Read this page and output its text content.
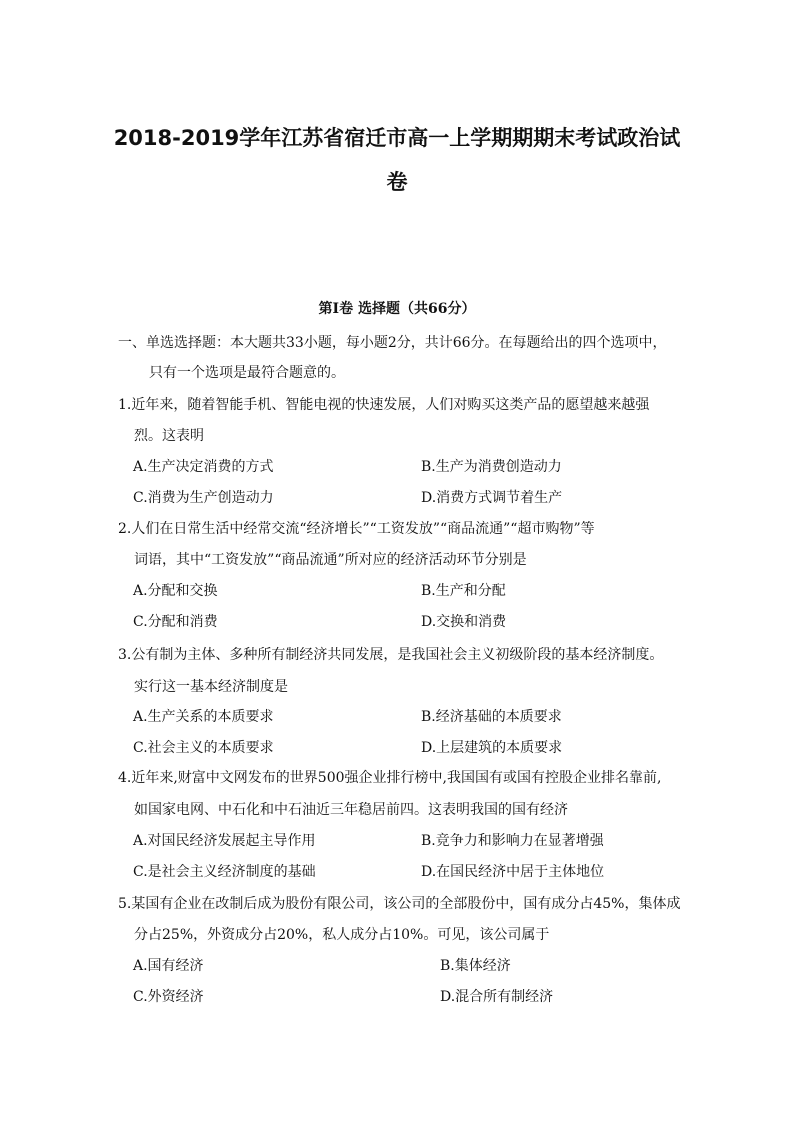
2018-2019学年江苏省宿迁市高一上学期期期末考试政治试
卷
第Ⅰ卷 选择题（共66分）
一、单选选择题：本大题共33小题，每小题2分，共计66分。在每题给出的四个选项中，
只有一个选项是最符合题意的。
1.近年来，随着智能手机、智能电视的快速发展，人们对购买这类产品的愿望越来越强
烈。这表明
A.生产决定消费的方式	B.生产为消费创造动力
C.消费为生产创造动力	D.消费方式调节着生产
2.人们在日常生活中经常交流“经济增长”“工资发放”“商品流通”“超市购物”等
词语，其中“工资发放”“商品流通”所对应的经济活动环节分别是
A.分配和交换	B.生产和分配
C.分配和消费	D.交换和消费
3.公有制为主体、多种所有制经济共同发展，是我国社会主义初级阶段的基本经济制度。
实行这一基本经济制度是
A.生产关系的本质要求	B.经济基础的本质要求
C.社会主义的本质要求	D.上层建筑的本质要求
4.近年来,财富中文网发布的世界500强企业排行榜中,我国国有或国有控股企业排名靠前,
如国家电网、中石化和中石油近三年稳居前四。这表明我国的国有经济
A.对国民经济发展起主导作用	B.竞争力和影响力在显著增强
C.是社会主义经济制度的基础	D.在国民经济中居于主体地位
5.某国有企业在改制后成为股份有限公司，该公司的全部股份中，国有成分占45%，集体成
分占25%，外资成分占20%，私人成分占10%。可见，该公司属于
A.国有经济	B.集体经济
C.外资经济	D.混合所有制经济
